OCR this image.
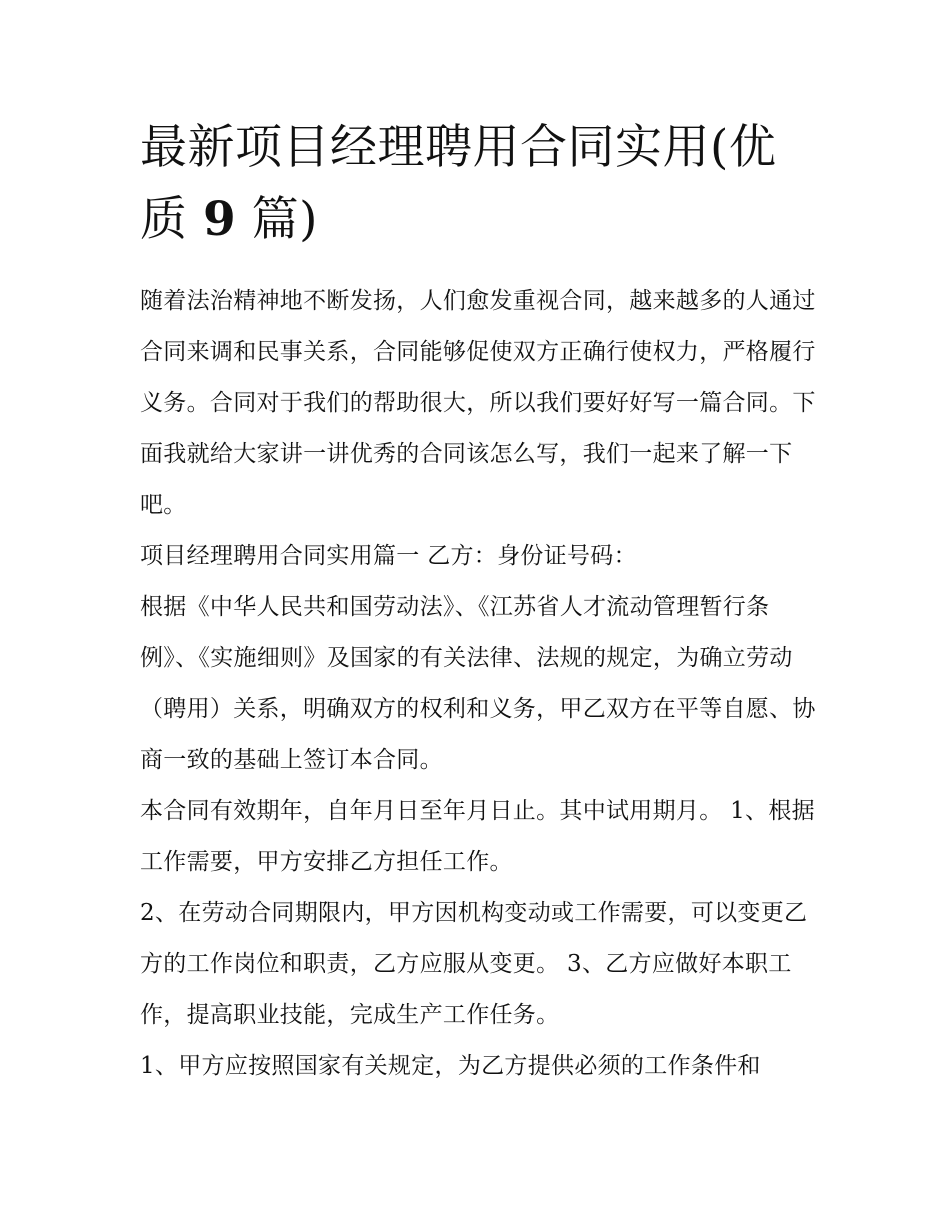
最新项目经理聘用合同实用(优
质 9 篇)

随着法治精神地不断发扬，人们愈发重视合同，越来越多的人通过合同来调和民事关系，合同能够促使双方正确行使权力，严格履行义务。合同对于我们的帮助很大，所以我们要好好写一篇合同。下面我就给大家讲一讲优秀的合同该怎么写，我们一起来了解一下吧。

项目经理聘用合同实用篇一 乙方：身份证号码：

根据《中华人民共和国劳动法》、《江苏省人才流动管理暂行条例》、《实施细则》及国家的有关法律、法规的规定，为确立劳动（聘用）关系，明确双方的权利和义务，甲乙双方在平等自愿、协商一致的基础上签订本合同。

本合同有效期年，自年月日至年月日止。其中试用期月。 1、根据工作需要，甲方安排乙方担任工作。

2、在劳动合同期限内，甲方因机构变动或工作需要，可以变更乙方的工作岗位和职责，乙方应服从变更。 3、乙方应做好本职工作，提高职业技能，完成生产工作任务。

1、甲方应按照国家有关规定，为乙方提供必须的工作条件和
